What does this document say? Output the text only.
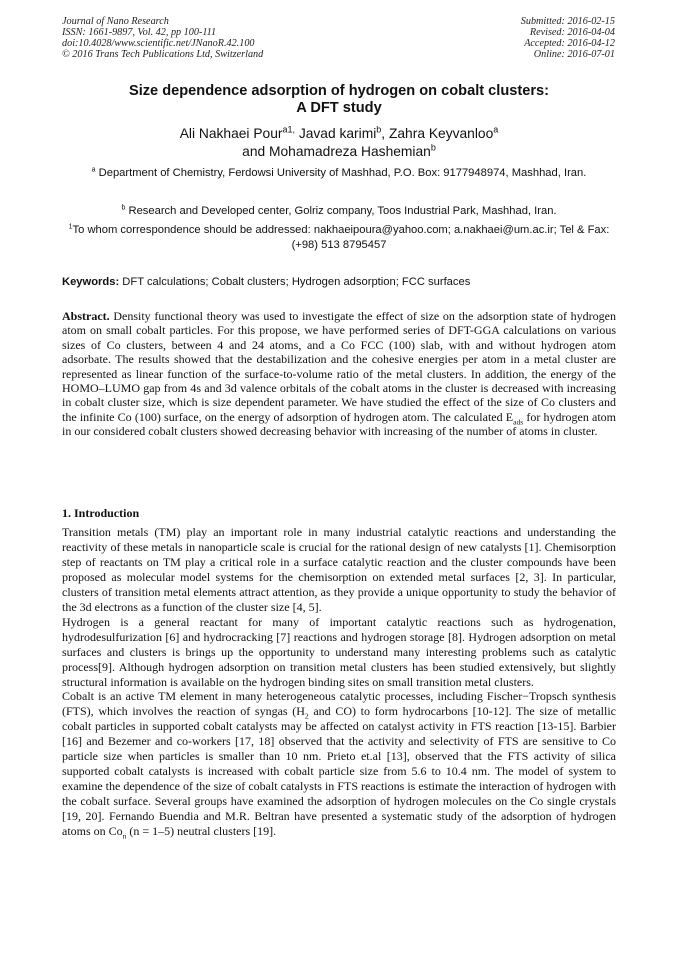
Journal of Nano Research
ISSN: 1661-9897, Vol. 42, pp 100-111
doi:10.4028/www.scientific.net/JNanoR.42.100
© 2016 Trans Tech Publications Ltd, Switzerland
Submitted: 2016-02-15
Revised: 2016-04-04
Accepted: 2016-04-12
Online: 2016-07-01
Size dependence adsorption of hydrogen on cobalt clusters:
A DFT study
Ali Nakhaei Pour$^{a1,}$ Javad karimi$^b$, Zahra Keyvanloo$^a$
and Mohamadreza Hashemian$^b$
$^a$ Department of Chemistry, Ferdowsi University of Mashhad, P.O. Box: 9177948974, Mashhad, Iran.
$^b$ Research and Developed center, Golriz company, Toos Industrial Park, Mashhad, Iran.
$^1$To whom correspondence should be addressed: nakhaeipoura@yahoo.com; a.nakhaei@um.ac.ir; Tel & Fax: (+98) 513 8795457
Keywords: DFT calculations; Cobalt clusters; Hydrogen adsorption; FCC surfaces
Abstract. Density functional theory was used to investigate the effect of size on the adsorption state of hydrogen atom on small cobalt particles. For this propose, we have performed series of DFT-GGA calculations on various sizes of Co clusters, between 4 and 24 atoms, and a Co FCC (100) slab, with and without hydrogen atom adsorbate. The results showed that the destabilization and the cohesive energies per atom in a metal cluster are represented as linear function of the surface-to-volume ratio of the metal clusters. In addition, the energy of the HOMO–LUMO gap from 4s and 3d valence orbitals of the cobalt atoms in the cluster is decreased with increasing in cobalt cluster size, which is size dependent parameter. We have studied the effect of the size of Co clusters and the infinite Co (100) surface, on the energy of adsorption of hydrogen atom. The calculated $E_{ads}$ for hydrogen atom in our considered cobalt clusters showed decreasing behavior with increasing of the number of atoms in cluster.
1. Introduction

Transition metals (TM) play an important role in many industrial catalytic reactions and understanding the reactivity of these metals in nanoparticle scale is crucial for the rational design of new catalysts [1]. Chemisorption step of reactants on TM play a critical role in a surface catalytic reaction and the cluster compounds have been proposed as molecular model systems for the chemisorption on extended metal surfaces [2, 3]. In particular, clusters of transition metal elements attract attention, as they provide a unique opportunity to study the behavior of the 3d electrons as a function of the cluster size [4, 5].

Hydrogen is a general reactant for many of important catalytic reactions such as hydrogenation, hydrodesulfurization [6] and hydrocracking [7] reactions and hydrogen storage [8]. Hydrogen adsorption on metal surfaces and clusters is brings up the opportunity to understand many interesting problems such as catalytic process[9]. Although hydrogen adsorption on transition metal clusters has been studied extensively, but slightly structural information is available on the hydrogen binding sites on small transition metal clusters.

Cobalt is an active TM element in many heterogeneous catalytic processes, including Fischer−Tropsch synthesis (FTS), which involves the reaction of syngas ($H_2$ and CO) to form hydrocarbons [10-12]. The size of metallic cobalt particles in supported cobalt catalysts may be affected on catalyst activity in FTS reaction [13-15]. Barbier [16] and Bezemer and co-workers [17, 18] observed that the activity and selectivity of FTS are sensitive to Co particle size when particles is smaller than 10 nm. Prieto et.al [13], observed that the FTS activity of silica supported cobalt catalysts is increased with cobalt particle size from 5.6 to 10.4 nm. The model of system to examine the dependence of the size of cobalt catalysts in FTS reactions is estimate the interaction of hydrogen with the cobalt surface. Several groups have examined the adsorption of hydrogen molecules on the Co single crystals [19, 20]. Fernando Buendia and M.R. Beltran have presented a systematic study of the adsorption of hydrogen atoms on $Co_n$ (n = 1–5) neutral clusters [19].
